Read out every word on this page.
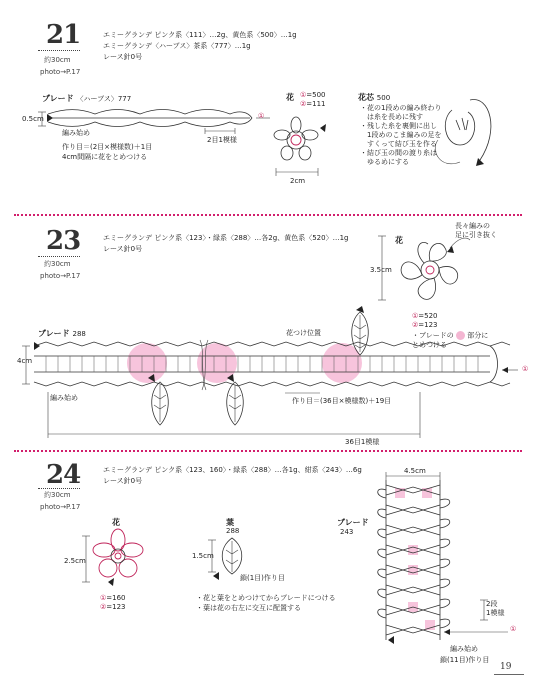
21
約30cm
photo→P.17
エミーグランデ ピンク系〈111〉…2g、黄色系〈500〉…1g
エミーグランデ〈ハーブス〉茶系〈777〉…1g
レース針0号
ブレード 〈ハーブス〉777
0.5cm
編み始め
作り目＝(2目×模様数)＋1目
4cm間隔に花をとめつける
①
2目1模様
花 ①=500
②=111
2cm
花芯 500
・花の1段めの編み終わり
　は糸を長めに残す
・残した糸を裏側に出し
　1段めのこま編みの足を
　すくって結び玉を作る
・結び玉の間の渡り糸は
　ゆるめにする
23
約30cm
photo→P.17
エミーグランデ ピンク系〈123〉・緑系〈288〉…各2g、黄色系〈520〉…1g
レース針0号
花
長々編みの
足に引き抜く
3.5cm
①=520
②=123
・ブレードの 部分に
とめつける
ブレード 288
4cm
花つけ位置
編み始め	作り目＝(36目×模様数)＋19目
36目1模様
①
24
約30cm
photo→P.17
エミーグランデ ピンク系〈123、160〉・緑系〈288〉…各1g、紺系〈243〉…6g
レース針0号
花
2.5cm
①=160
②=123
葉
288
1.5cm
鎖(1目)作り目
・花と葉をとめつけてからブレードにつける
・葉は花の右左に交互に配置する
ブレード
243
4.5cm
2段
1模様
編み始め
鎖(11目)作り目
①
19
